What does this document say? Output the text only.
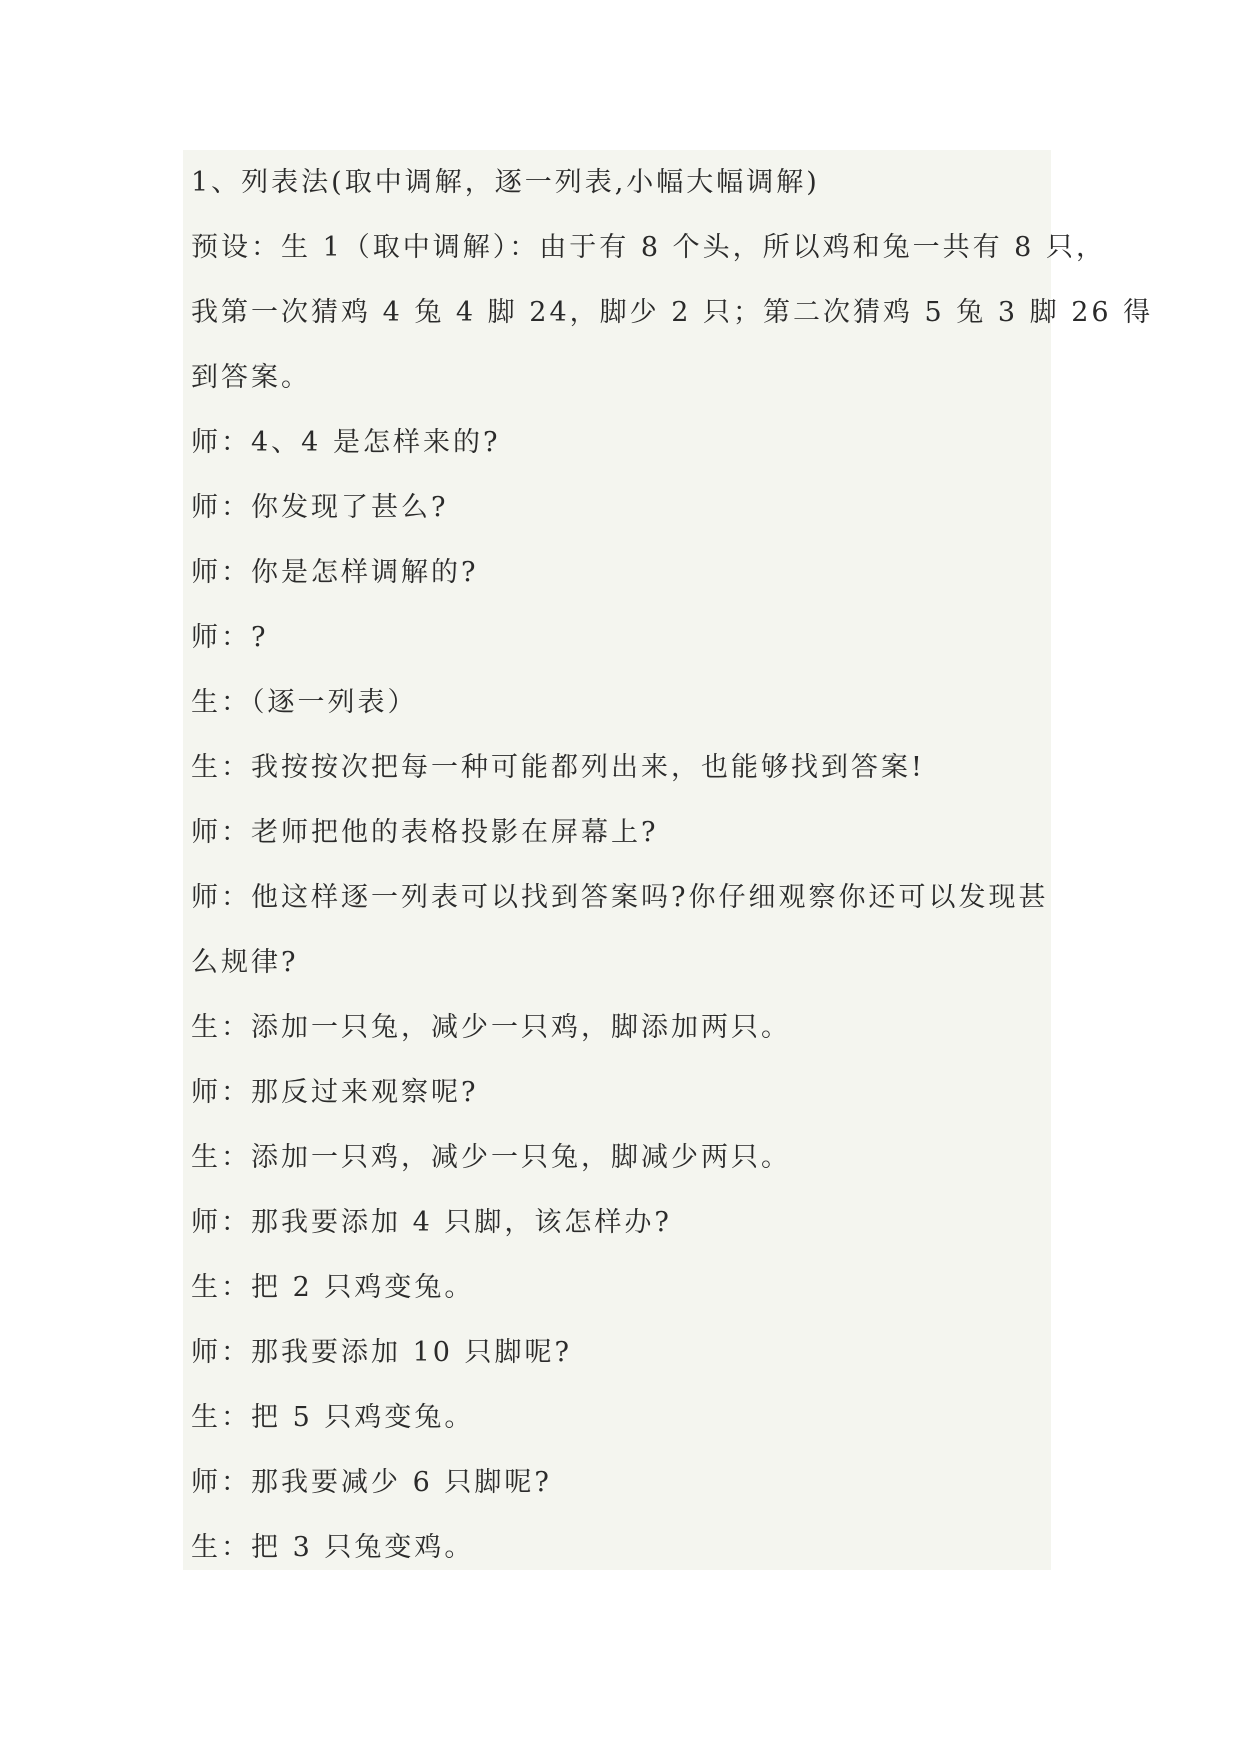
1、列表法(取中调解，逐一列表,小幅大幅调解)
预设：生 1（取中调解）：由于有 8 个头，所以鸡和兔一共有 8 只，
我第一次猜鸡 4 兔 4 脚 24，脚少 2 只；第二次猜鸡 5 兔 3 脚 26 得
到答案。
师：4、4 是怎样来的?
师：你发现了甚么?
师：你是怎样调解的?
师：?
生：（逐一列表）
生：我按按次把每一种可能都列出来，也能够找到答案!
师：老师把他的表格投影在屏幕上?
师：他这样逐一列表可以找到答案吗?你仔细观察你还可以发现甚
么规律?
生：添加一只兔，减少一只鸡，脚添加两只。
师：那反过来观察呢?
生：添加一只鸡，减少一只兔，脚减少两只。
师：那我要添加 4 只脚，该怎样办?
生：把 2 只鸡变兔。
师：那我要添加 10 只脚呢?
生：把 5 只鸡变兔。
师：那我要减少 6 只脚呢?
生：把 3 只兔变鸡。
